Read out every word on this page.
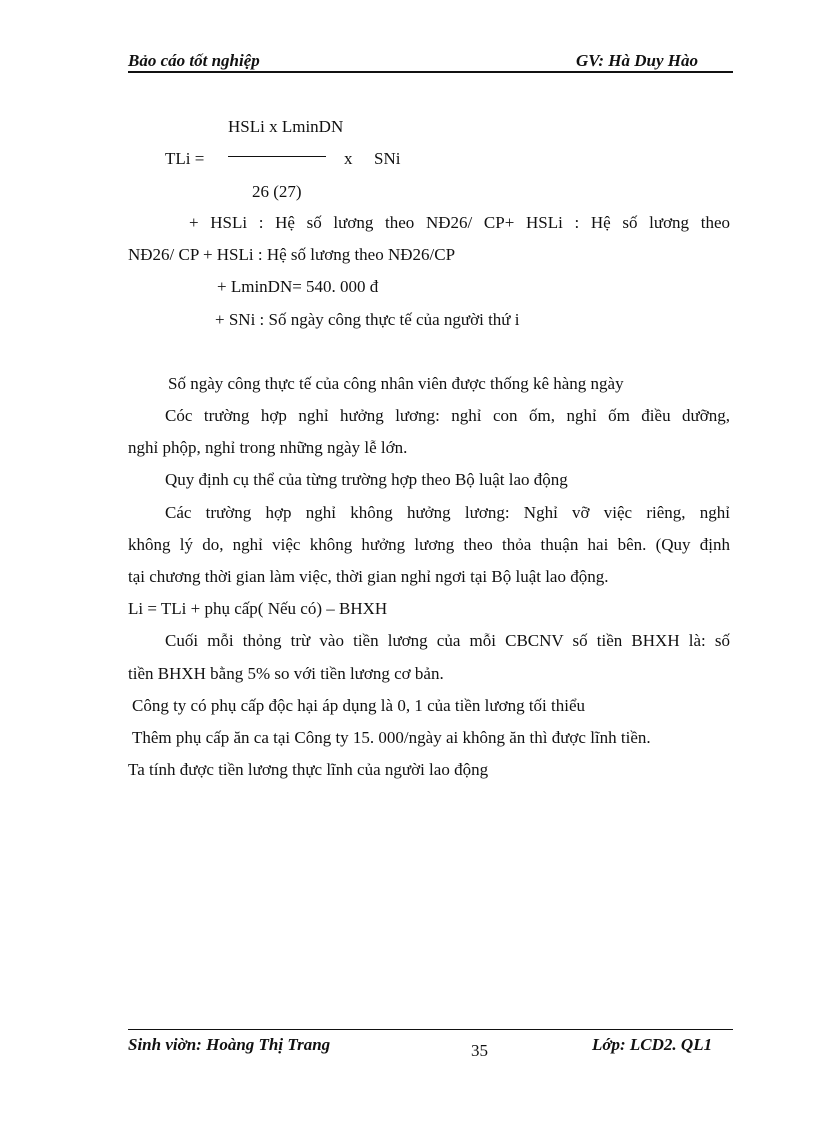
Bảo cáo tốt nghiệp	GV: Hà Duy Hào
HSLi x LminDN
TLi =	x SNi
26 (27)
+ HSLi : Hệ số lương theo NĐ26/ CP+ HSLi : Hệ số lương theo
NĐ26/ CP + HSLi : Hệ số lương theo NĐ26/CP
+ LminDN= 540. 000 đ
+ SNi : Số ngày công thực tế của người thứ i
Số ngày công thực tế của công nhân viên được thống kê hàng ngày
Cóc trường hợp nghỉ hưởng lương: nghỉ con ốm, nghỉ ốm điều dưỡng,
nghỉ phộp, nghỉ trong những ngày lễ lớn.
Quy định cụ thể của từng trường hợp theo Bộ luật lao động
Các trường hợp nghỉ không hưởng lương: Nghỉ vỡ việc riêng, nghỉ
không lý do, nghỉ việc không hưởng lương theo thỏa thuận hai bên. (Quy định
tại chương thời gian làm việc, thời gian nghỉ ngơi tại Bộ luật lao động.
Li = TLi + phụ cấp( Nếu có) – BHXH
Cuối mỗi thỏng trừ vào tiền lương của mỗi CBCNV số tiền BHXH là: số
tiền BHXH bằng 5% so với tiền lương cơ bản.
Công ty có phụ cấp độc hại áp dụng là 0, 1 của tiền lương tối thiểu
Thêm phụ cấp ăn ca tại Công ty 15. 000/ngày ai không ăn thì được lĩnh tiền.
Ta tính được tiền lương thực lĩnh của người lao động
Sinh viờn: Hoàng Thị Trang	35	Lớp: LCD2. QL1
